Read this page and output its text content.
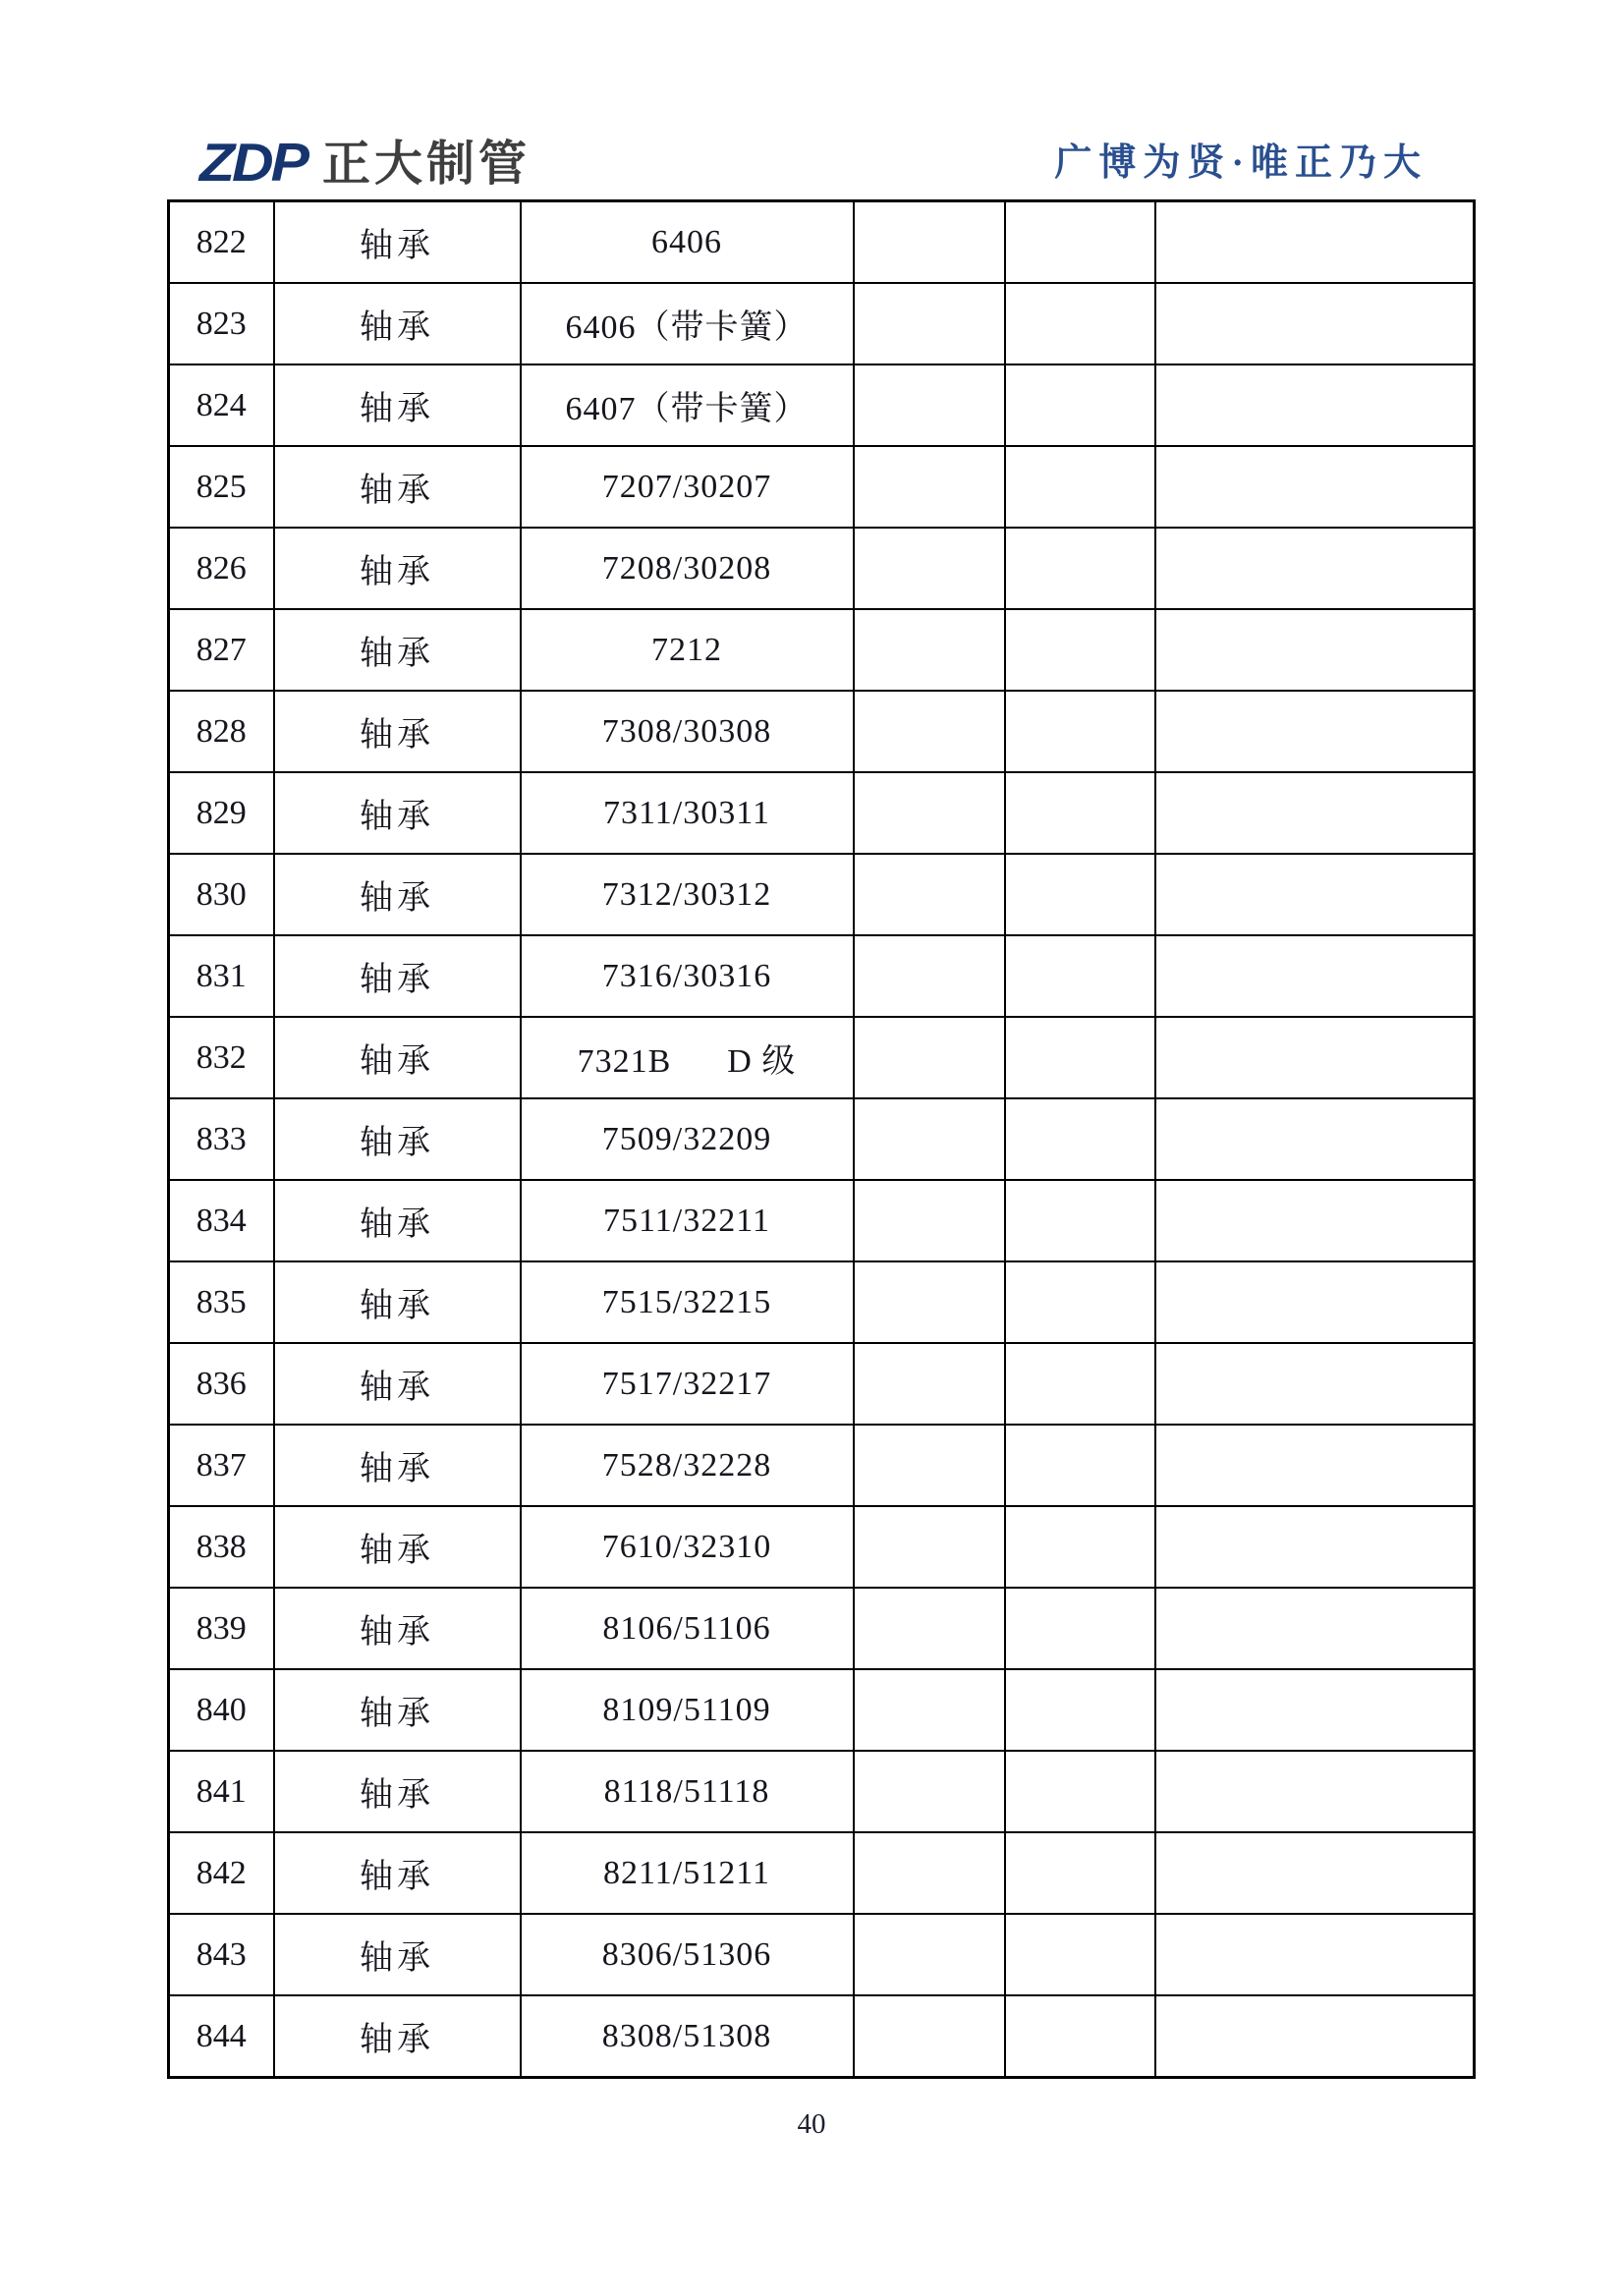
ZDP 正大制管	广博为贤·唯正乃大
822	轴承	6406			
823	轴承	6406（带卡簧）			
824	轴承	6407（带卡簧）			
825	轴承	7207/30207			
826	轴承	7208/30208			
827	轴承	7212			
828	轴承	7308/30308			
829	轴承	7311/30311			
830	轴承	7312/30312			
831	轴承	7316/30316			
832	轴承	7321B      D 级			
833	轴承	7509/32209			
834	轴承	7511/32211			
835	轴承	7515/32215			
836	轴承	7517/32217			
837	轴承	7528/32228			
838	轴承	7610/32310			
839	轴承	8106/51106			
840	轴承	8109/51109			
841	轴承	8118/51118			
842	轴承	8211/51211			
843	轴承	8306/51306			
844	轴承	8308/51308			
40
